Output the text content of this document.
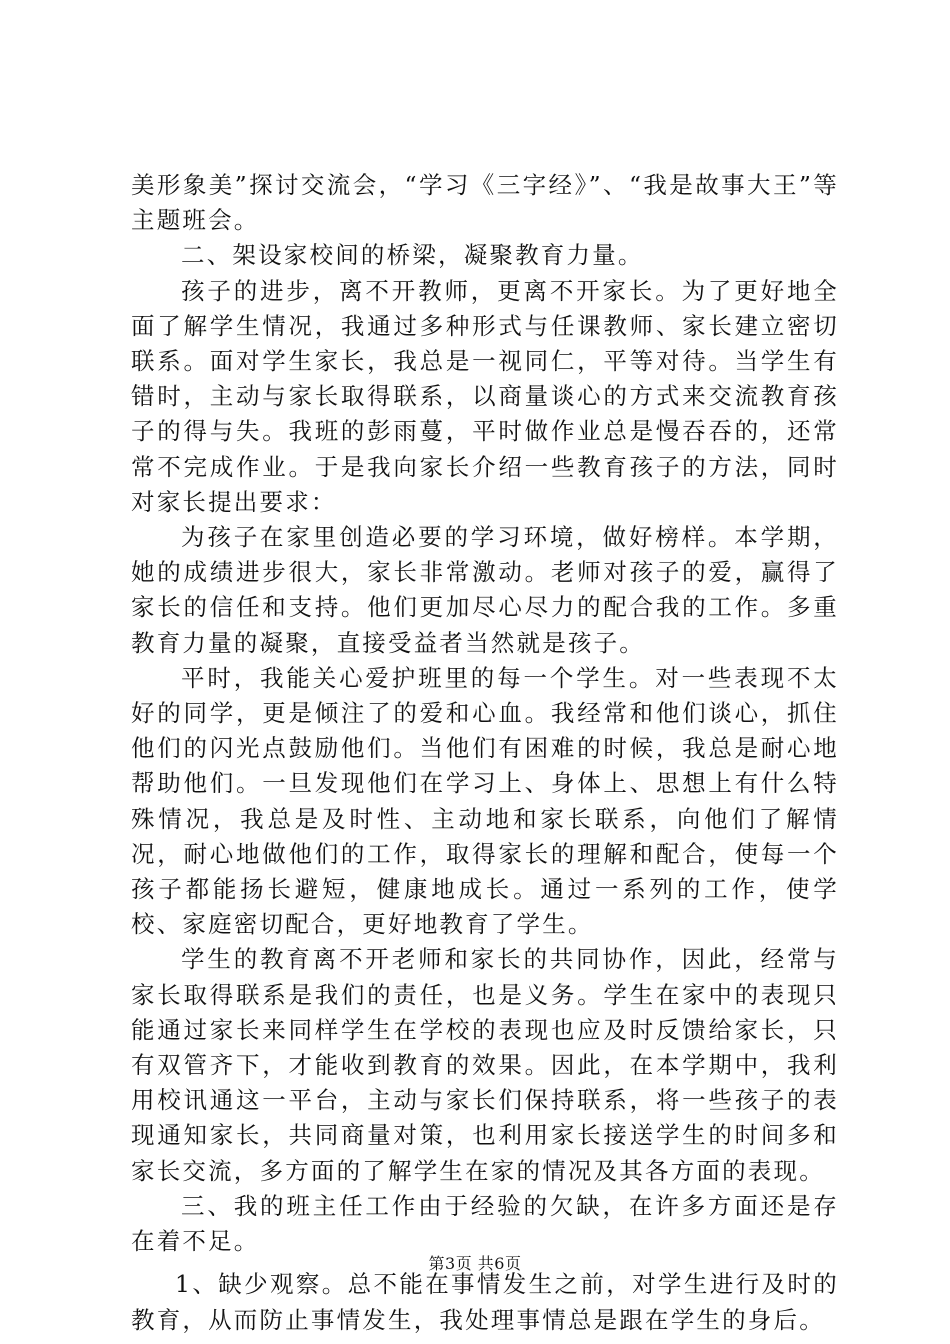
美形象美”探讨交流会，“学习《三字经》”、“我是故事大王”等主题班会。

二、架设家校间的桥梁，凝聚教育力量。

孩子的进步，离不开教师，更离不开家长。为了更好地全面了解学生情况，我通过多种形式与任课教师、家长建立密切联系。面对学生家长，我总是一视同仁，平等对待。当学生有错时，主动与家长取得联系，以商量谈心的方式来交流教育孩子的得与失。我班的彭雨蔓，平时做作业总是慢吞吞的，还常常不完成作业。于是我向家长介绍一些教育孩子的方法，同时对家长提出要求：

为孩子在家里创造必要的学习环境，做好榜样。本学期，她的成绩进步很大，家长非常激动。老师对孩子的爱，赢得了家长的信任和支持。他们更加尽心尽力的配合我的工作。多重教育力量的凝聚，直接受益者当然就是孩子。

平时，我能关心爱护班里的每一个学生。对一些表现不太好的同学，更是倾注了的爱和心血。我经常和他们谈心，抓住他们的闪光点鼓励他们。当他们有困难的时候，我总是耐心地帮助他们。一旦发现他们在学习上、身体上、思想上有什么特殊情况，我总是及时性、主动地和家长联系，向他们了解情况，耐心地做他们的工作，取得家长的理解和配合，使每一个孩子都能扬长避短，健康地成长。通过一系列的工作，使学校、家庭密切配合，更好地教育了学生。

学生的教育离不开老师和家长的共同协作，因此，经常与家长取得联系是我们的责任，也是义务。学生在家中的表现只能通过家长来同样学生在学校的表现也应及时反馈给家长，只有双管齐下，才能收到教育的效果。因此，在本学期中，我利用校讯通这一平台，主动与家长们保持联系，将一些孩子的表现通知家长，共同商量对策，也利用家长接送学生的时间多和家长交流，多方面的了解学生在家的情况及其各方面的表现。

三、我的班主任工作由于经验的欠缺，在许多方面还是存在着不足。

1、缺少观察。总不能在事情发生之前，对学生进行及时的教育，从而防止事情发生，我处理事情总是跟在学生的身后。

第3页 共6页
